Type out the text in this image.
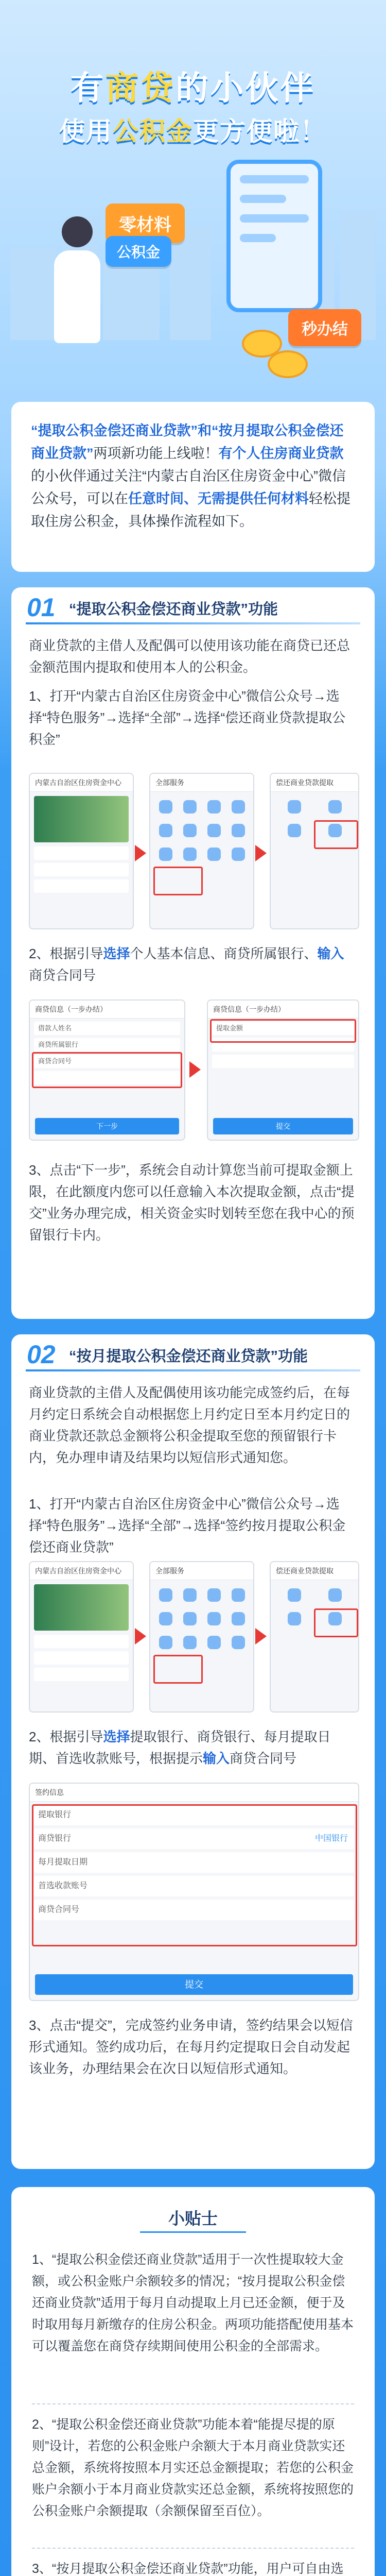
有商贷的小伙伴
使用公积金更方便啦！
零材料
公积金
秒办结
“提取公积金偿还商业贷款”和“按月提取公积金偿还商业贷款”两项新功能上线啦！有个人住房商业贷款的小伙伴通过关注“内蒙古自治区住房资金中心”微信公众号，可以在任意时间、无需提供任何材料轻松提取住房公积金，具体操作流程如下。
01 “提取公积金偿还商业贷款”功能
商业贷款的主借人及配偶可以使用该功能在商贷已还总金额范围内提取和使用本人的公积金。
1、打开“内蒙古自治区住房资金中心”微信公众号→选择“特色服务”→选择“全部”→选择“偿还商业贷款提取公积金”
内蒙古自治区住房资金中心	全部服务	偿还商业贷款提取
2、根据引导选择个人基本信息、商贷所属银行、输入商贷合同号
商贷信息（一步办结）
借款人姓名
商贷所属银行
商贷合同号
下一步
商贷信息（一步办结）
提取金额
提交
3、点击“下一步”，系统会自动计算您当前可提取金额上限，在此额度内您可以任意输入本次提取金额，点击“提交”业务办理完成，相关资金实时划转至您在我中心的预留银行卡内。
02 “按月提取公积金偿还商业贷款”功能
商业贷款的主借人及配偶使用该功能完成签约后，在每月约定日系统会自动根据您上月约定日至本月约定日的商业贷款还款总金额将公积金提取至您的预留银行卡内，免办理申请及结果均以短信形式通知您。
1、打开“内蒙古自治区住房资金中心”微信公众号→选择“特色服务”→选择“全部”→选择“签约按月提取公积金偿还商业贷款”
内蒙古自治区住房资金中心	全部服务	偿还商业贷款提取
2、根据引导选择提取银行、商贷银行、每月提取日期、首选收款账号，根据提示输入商贷合同号
签约信息
提取银行
商贷银行	中国银行
每月提取日期
首选收款账号
商贷合同号
提交
3、点击“提交”，完成签约业务申请，签约结果会以短信形式通知。签约成功后，在每月约定提取日会自动发起该业务，办理结果会在次日以短信形式通知。
小贴士
1、“提取公积金偿还商业贷款”适用于一次性提取较大金额，或公积金账户余额较多的情况；“按月提取公积金偿还商业贷款”适用于每月自动提取上月已还金额，便于及时取用每月新缴存的住房公积金。两项功能搭配使用基本可以覆盖您在商贷存续期间使用公积金的全部需求。
2、“提取公积金偿还商业贷款”功能本着“能提尽提的原则”设计，若您的公积金账户余额大于本月商业贷款实还总金额，系统将按照本月实还总金额提取；若您的公积金账户余额小于本月商业贷款实还总金额，系统将按照您的公积金账户余额提取（余额保留至百位）。
3、“按月提取公积金偿还商业贷款”功能，用户可自由选
